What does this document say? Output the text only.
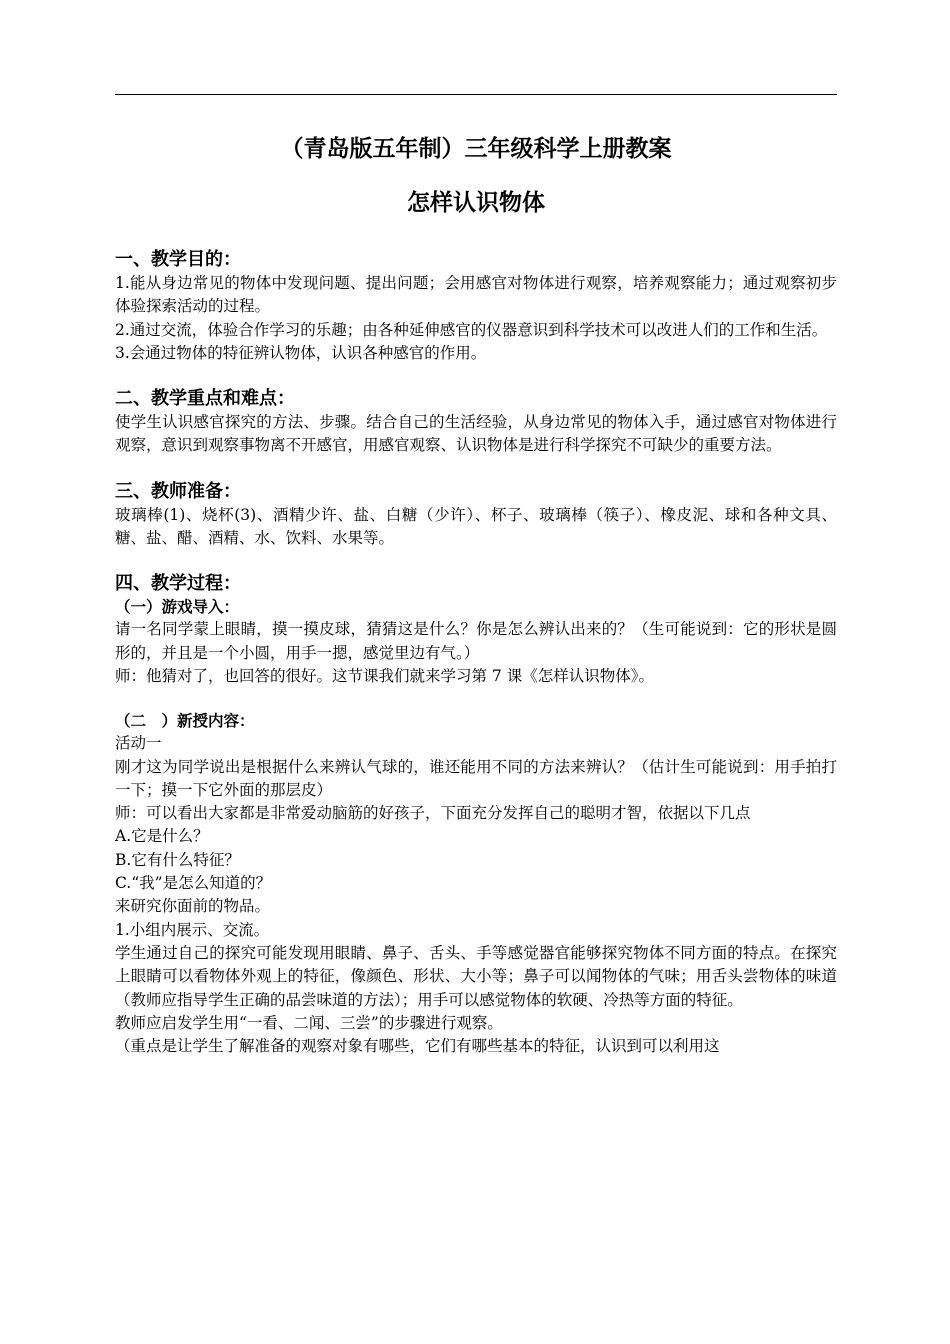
（青岛版五年制）三年级科学上册教案

怎样认识物体

一、教学目的：

1.能从身边常见的物体中发现问题、提出问题；会用感官对物体进行观察，培养观察能力；通过观察初步体验探索活动的过程。

2.通过交流，体验合作学习的乐趣；由各种延伸感官的仪器意识到科学技术可以改进人们的工作和生活。

3.会通过物体的特征辨认物体，认识各种感官的作用。

二、教学重点和难点：

使学生认识感官探究的方法、步骤。结合自己的生活经验，从身边常见的物体入手，通过感官对物体进行观察，意识到观察事物离不开感官，用感官观察、认识物体是进行科学探究不可缺少的重要方法。

三、教师准备：

玻璃棒(1)、烧杯(3)、酒精少许、盐、白糖（少许）、杯子、玻璃棒（筷子）、橡皮泥、球和各种文具、糖、盐、醋、酒精、水、饮料、水果等。

四、教学过程：

（一）游戏导入：

请一名同学蒙上眼睛，摸一摸皮球，猜猜这是什么？你是怎么辨认出来的？（生可能说到：它的形状是圆形的，并且是一个小圆，用手一摁，感觉里边有气。）

师：他猜对了，也回答的很好。这节课我们就来学习第 7 课《怎样认识物体》。

（二　）新授内容：

活动一

刚才这为同学说出是根据什么来辨认气球的，谁还能用不同的方法来辨认？（估计生可能说到：用手拍打一下；摸一下它外面的那层皮）

师：可以看出大家都是非常爱动脑筋的好孩子，下面充分发挥自己的聪明才智，依据以下几点

A.它是什么？

B.它有什么特征？

C.“我”是怎么知道的？

来研究你面前的物品。

1.小组内展示、交流。

学生通过自己的探究可能发现用眼睛、鼻子、舌头、手等感觉器官能够探究物体不同方面的特点。在探究上眼睛可以看物体外观上的特征，像颜色、形状、大小等；鼻子可以闻物体的气味；用舌头尝物体的味道（教师应指导学生正确的品尝味道的方法）；用手可以感觉物体的软硬、冷热等方面的特征。

教师应启发学生用“一看、二闻、三尝”的步骤进行观察。

（重点是让学生了解准备的观察对象有哪些，它们有哪些基本的特征，认识到可以利用这
